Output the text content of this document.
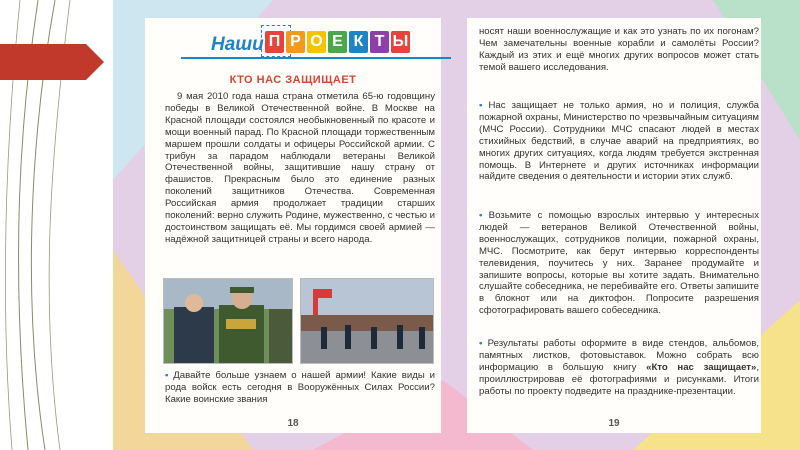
Наши П Р О Е К Т Ы
КТО НАС ЗАЩИЩАЕТ
9 мая 2010 года наша страна отметила 65-ю годовщину победы в Великой Отечественной войне. В Москве на Красной площади состоялся необыкновенный по красоте и мощи военный парад. По Красной площади торжественным маршем прошли солдаты и офицеры Российской армии. С трибун за парадом наблюдали ветераны Великой Отечественной войны, защитившие нашу страну от фашистов. Прекрасным было это единение разных поколений защитников Отечества. Современная Российская армия продолжает традиции старших поколений: верно служить Родине, мужественно, с честью и достоинством защищать её. Мы гордимся своей армией — надёжной защитницей страны и всего народа.
• Давайте больше узнаем о нашей армии! Какие виды и рода войск есть сегодня в Вооружённых Силах России? Какие воинские звания
18
носят наши военнослужащие и как это узнать по их погонам? Чем замечательны военные корабли и самолёты России? Каждый из этих и ещё многих других вопросов может стать темой вашего исследования.
• Нас защищает не только армия, но и полиция, служба пожарной охраны, Министерство по чрезвычайным ситуациям (МЧС России). Сотрудники МЧС спасают людей в местах стихийных бедствий, в случае аварий на предприятиях, во многих других ситуациях, когда людям требуется экстренная помощь. В Интернете и других источниках информации найдите сведения о деятельности и истории этих служб.
• Возьмите с помощью взрослых интервью у интересных людей — ветеранов Великой Отечественной войны, военнослужащих, сотрудников полиции, пожарной охраны, МЧС. Посмотрите, как берут интервью корреспонденты телевидения, поучитесь у них. Заранее продумайте и запишите вопросы, которые вы хотите задать. Внимательно слушайте собеседника, не перебивайте его. Ответы запишите в блокнот или на диктофон. Попросите разрешения сфотографировать вашего собеседника.
• Результаты работы оформите в виде стендов, альбомов, памятных листков, фотовыставок. Можно собрать всю информацию в большую книгу «Кто нас защищает», проиллюстрировав её фотографиями и рисунками. Итоги работы по проекту подведите на празднике-презентации.
19
